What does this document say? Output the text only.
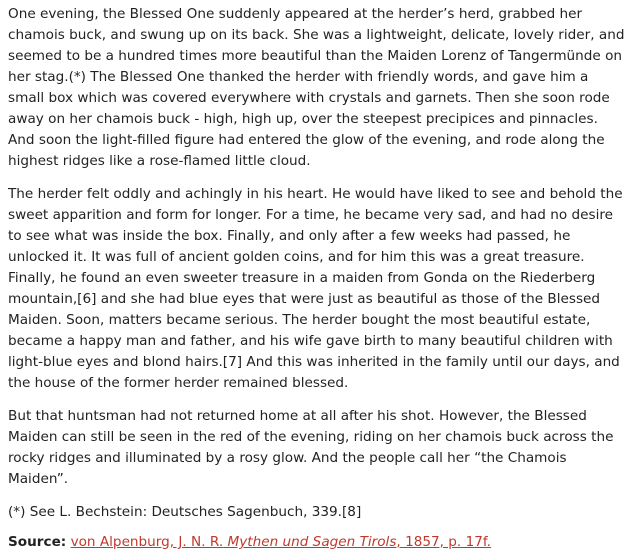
One evening, the Blessed One suddenly appeared at the herder’s herd, grabbed her chamois buck, and swung up on its back. She was a lightweight, delicate, lovely rider, and seemed to be a hundred times more beautiful than the Maiden Lorenz of Tangermünde on her stag.(*) The Blessed One thanked the herder with friendly words, and gave him a small box which was covered everywhere with crystals and garnets. Then she soon rode away on her chamois buck - high, high up, over the steepest precipices and pinnacles. And soon the light-filled figure had entered the glow of the evening, and rode along the highest ridges like a rose-flamed little cloud.

The herder felt oddly and achingly in his heart. He would have liked to see and behold the sweet apparition and form for longer. For a time, he became very sad, and had no desire to see what was inside the box. Finally, and only after a few weeks had passed, he unlocked it. It was full of ancient golden coins, and for him this was a great treasure. Finally, he found an even sweeter treasure in a maiden from Gonda on the Riederberg mountain,[6] and she had blue eyes that were just as beautiful as those of the Blessed Maiden. Soon, matters became serious. The herder bought the most beautiful estate, became a happy man and father, and his wife gave birth to many beautiful children with light-blue eyes and blond hairs.[7] And this was inherited in the family until our days, and the house of the former herder remained blessed.

But that huntsman had not returned home at all after his shot. However, the Blessed Maiden can still be seen in the red of the evening, riding on her chamois buck across the rocky ridges and illuminated by a rosy glow. And the people call her “the Chamois Maiden”.

(*) See L. Bechstein: Deutsches Sagenbuch, 339.[8]

Source: von Alpenburg, J. N. R. Mythen und Sagen Tirols, 1857, p. 17f.
